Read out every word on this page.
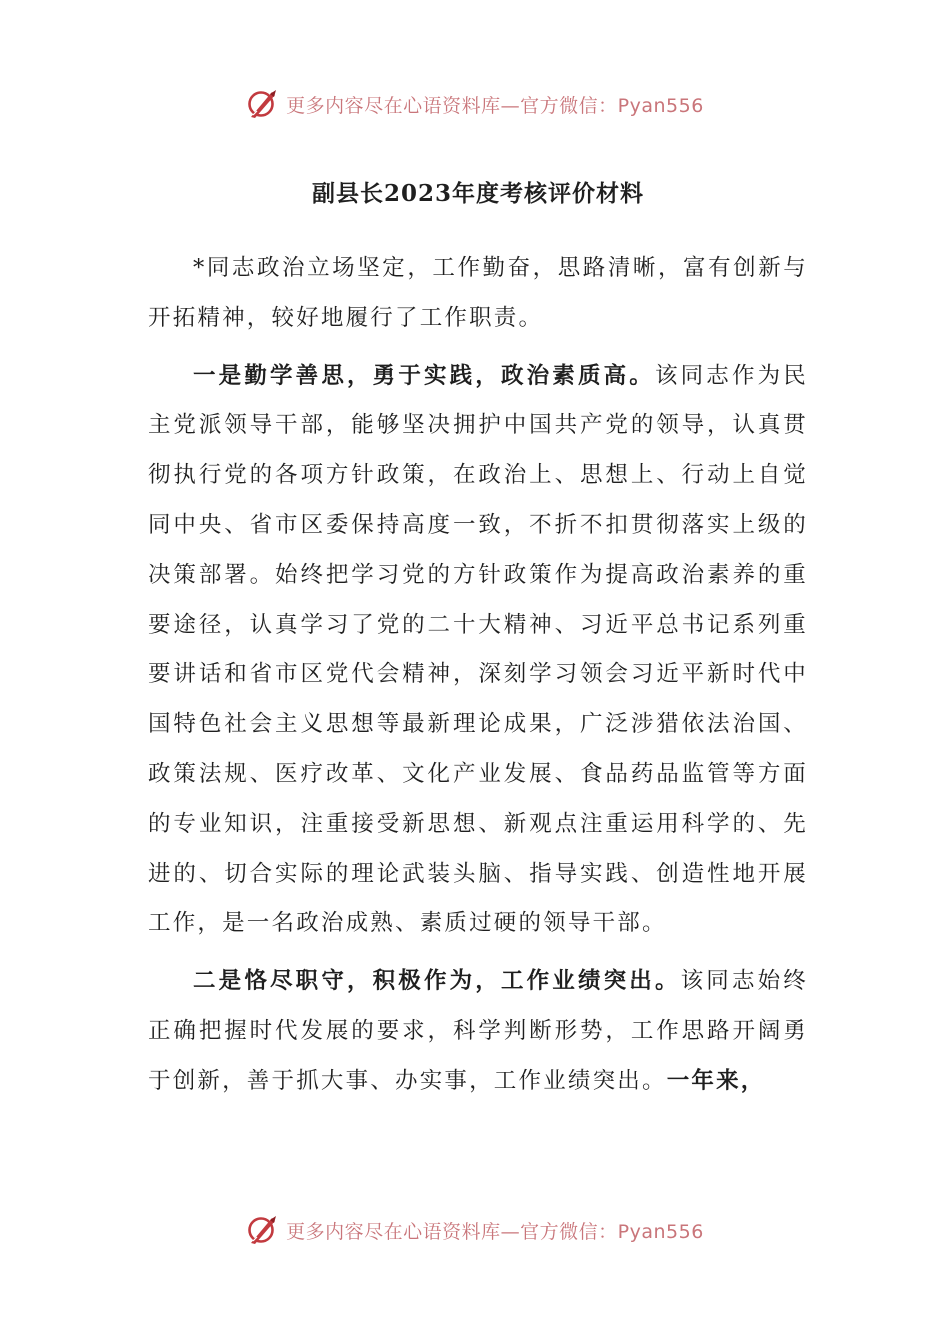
更多内容尽在心语资料库—官方微信：Pyan556
副县长2023年度考核评价材料

*同志政治立场坚定，工作勤奋，思路清晰，富有创新与开拓精神，较好地履行了工作职责。

一是勤学善思，勇于实践，政治素质高。该同志作为民主党派领导干部，能够坚决拥护中国共产党的领导，认真贯彻执行党的各项方针政策，在政治上、思想上、行动上自觉同中央、省市区委保持高度一致，不折不扣贯彻落实上级的决策部署。始终把学习党的方针政策作为提高政治素养的重要途径，认真学习了党的二十大精神、习近平总书记系列重要讲话和省市区党代会精神，深刻学习领会习近平新时代中国特色社会主义思想等最新理论成果，广泛涉猎依法治国、政策法规、医疗改革、文化产业发展、食品药品监管等方面的专业知识，注重接受新思想、新观点注重运用科学的、先进的、切合实际的理论武装头脑、指导实践、创造性地开展工作，是一名政治成熟、素质过硬的领导干部。

二是恪尽职守，积极作为，工作业绩突出。该同志始终正确把握时代发展的要求，科学判断形势，工作思路开阔勇于创新，善于抓大事、办实事，工作业绩突出。一年来，

更多内容尽在心语资料库—官方微信：Pyan556
